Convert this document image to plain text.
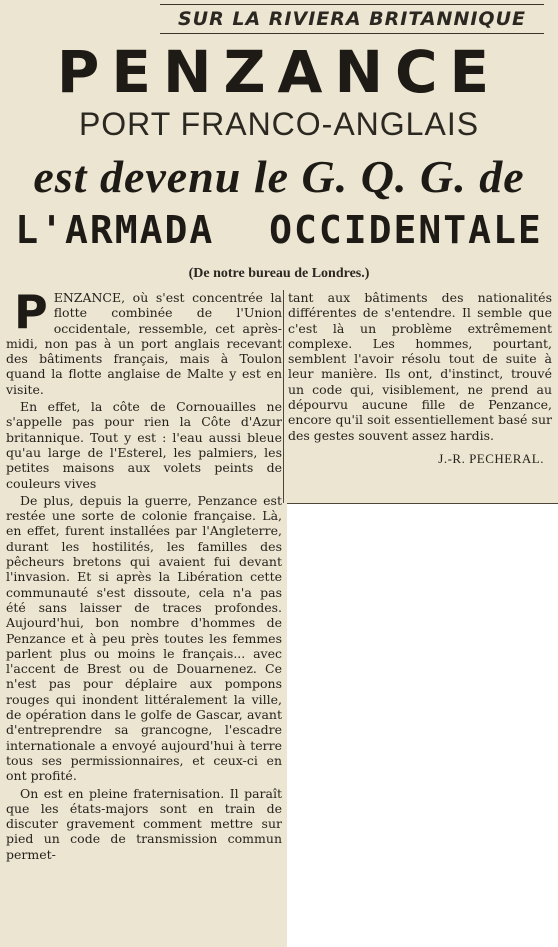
SUR LA RIVIERA BRITANNIQUE
PENZANCE
PORT FRANCO-ANGLAIS
est devenu le G. Q. G. de
L'ARMADA OCCIDENTALE
(De notre bureau de Londres.)

PENZANCE, où s'est concentrée la flotte combinée de l'Union occidentale, ressemble, cet après-midi, non pas à un port anglais recevant des bâtiments français, mais à Toulon quand la flotte anglaise de Malte y est en visite.

En effet, la côte de Cornouailles ne s'appelle pas pour rien la Côte d'Azur britannique. Tout y est : l'eau aussi bleue qu'au large de l'Esterel, les palmiers, les petites maisons aux volets peints de couleurs vives

De plus, depuis la guerre, Penzance est restée une sorte de colonie française. Là, en effet, furent installées par l'Angleterre, durant les hostilités, les familles des pêcheurs bretons qui avaient fui devant l'invasion. Et si après la Libération cette communauté s'est dissoute, cela n'a pas été sans laisser de traces profondes. Aujourd'hui, bon nombre d'hommes de Penzance et à peu près toutes les femmes parlent plus ou moins le français... avec l'accent de Brest ou de Douarnenez. Ce n'est pas pour déplaire aux pompons rouges qui inondent littéralement la ville, de opération dans le golfe de Gascar, avant d'entreprendre sa grancogne, l'escadre internationale a envoyé aujourd'hui à terre tous ses permissionnaires, et ceux-ci en ont profité.

On est en pleine fraternisation. Il paraît que les états-majors sont en train de discuter gravement comment mettre sur pied un code de transmission commun permet-

tant aux bâtiments des nationalités différentes de s'entendre. Il semble que c'est là un problème extrêmement complexe. Les hommes, pourtant, semblent l'avoir résolu tout de suite à leur manière. Ils ont, d'instinct, trouvé un code qui, visiblement, ne prend au dépourvu aucune fille de Penzance, encore qu'il soit essentiellement basé sur des gestes souvent assez hardis.

J.-R. PECHERAL.
